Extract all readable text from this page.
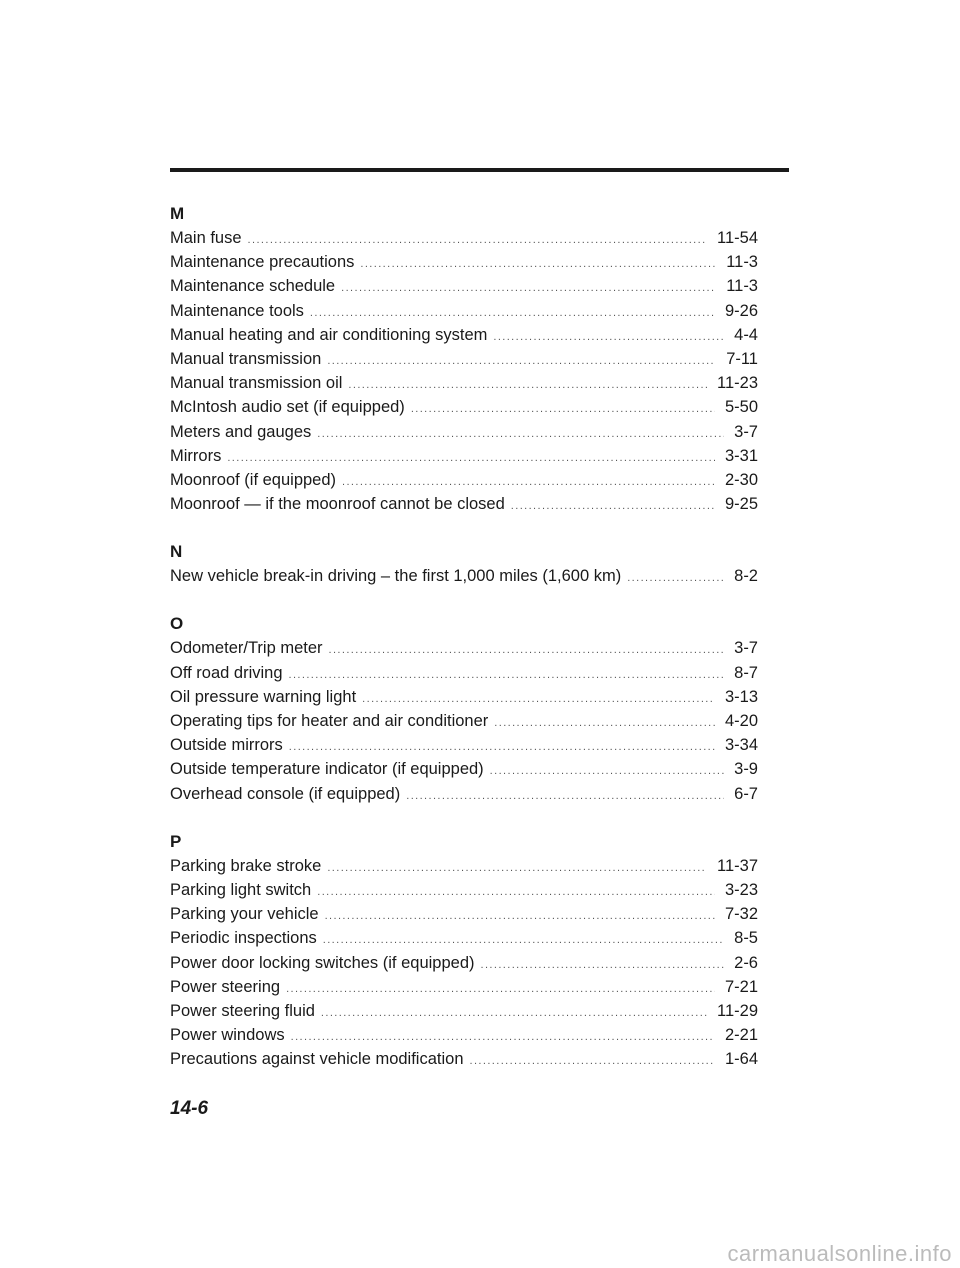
M
Main fuse .....	11-54
Maintenance precautions .....	11-3
Maintenance schedule .....	11-3
Maintenance tools .....	9-26
Manual heating and air conditioning system .....	4-4
Manual transmission .....	7-11
Manual transmission oil .....	11-23
McIntosh audio set (if equipped) .....	5-50
Meters and gauges .....	3-7
Mirrors .....	3-31
Moonroof (if equipped) .....	2-30
Moonroof — if the moonroof cannot be closed .....	9-25
N
New vehicle break-in driving – the first 1,000 miles (1,600 km) .....	8-2
O
Odometer/Trip meter .....	3-7
Off road driving .....	8-7
Oil pressure warning light .....	3-13
Operating tips for heater and air conditioner .....	4-20
Outside mirrors .....	3-34
Outside temperature indicator (if equipped) .....	3-9
Overhead console (if equipped) .....	6-7
P
Parking brake stroke .....	11-37
Parking light switch .....	3-23
Parking your vehicle .....	7-32
Periodic inspections .....	8-5
Power door locking switches (if equipped) .....	2-6
Power steering .....	7-21
Power steering fluid .....	11-29
Power windows .....	2-21
Precautions against vehicle modification .....	1-64
14-6
carmanualsonline.info
